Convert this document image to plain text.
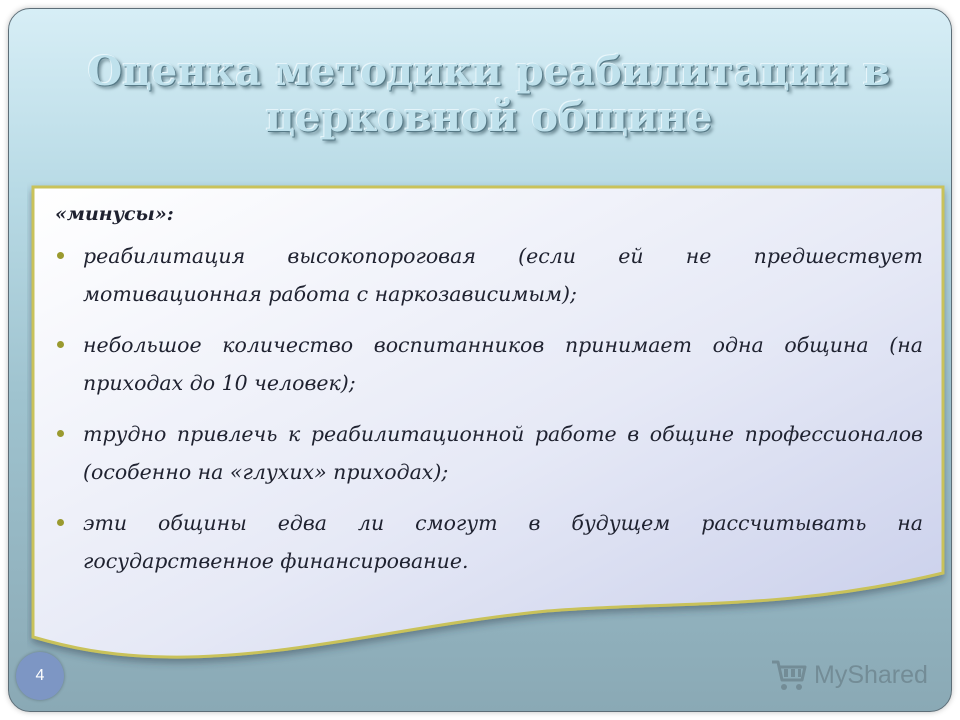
Оценка методики реабилитации в церковной общине
«минусы»:
реабилитация высокопороговая (если ей не предшествует мотивационная работа с наркозависимым);
небольшое количество воспитанников принимает одна община (на приходах до 10 человек);
трудно привлечь к реабилитационной работе в общине профессионалов (особенно на «глухих» приходах);
эти общины едва ли смогут в будущем рассчитывать на государственное финансирование.
4	MyShared
